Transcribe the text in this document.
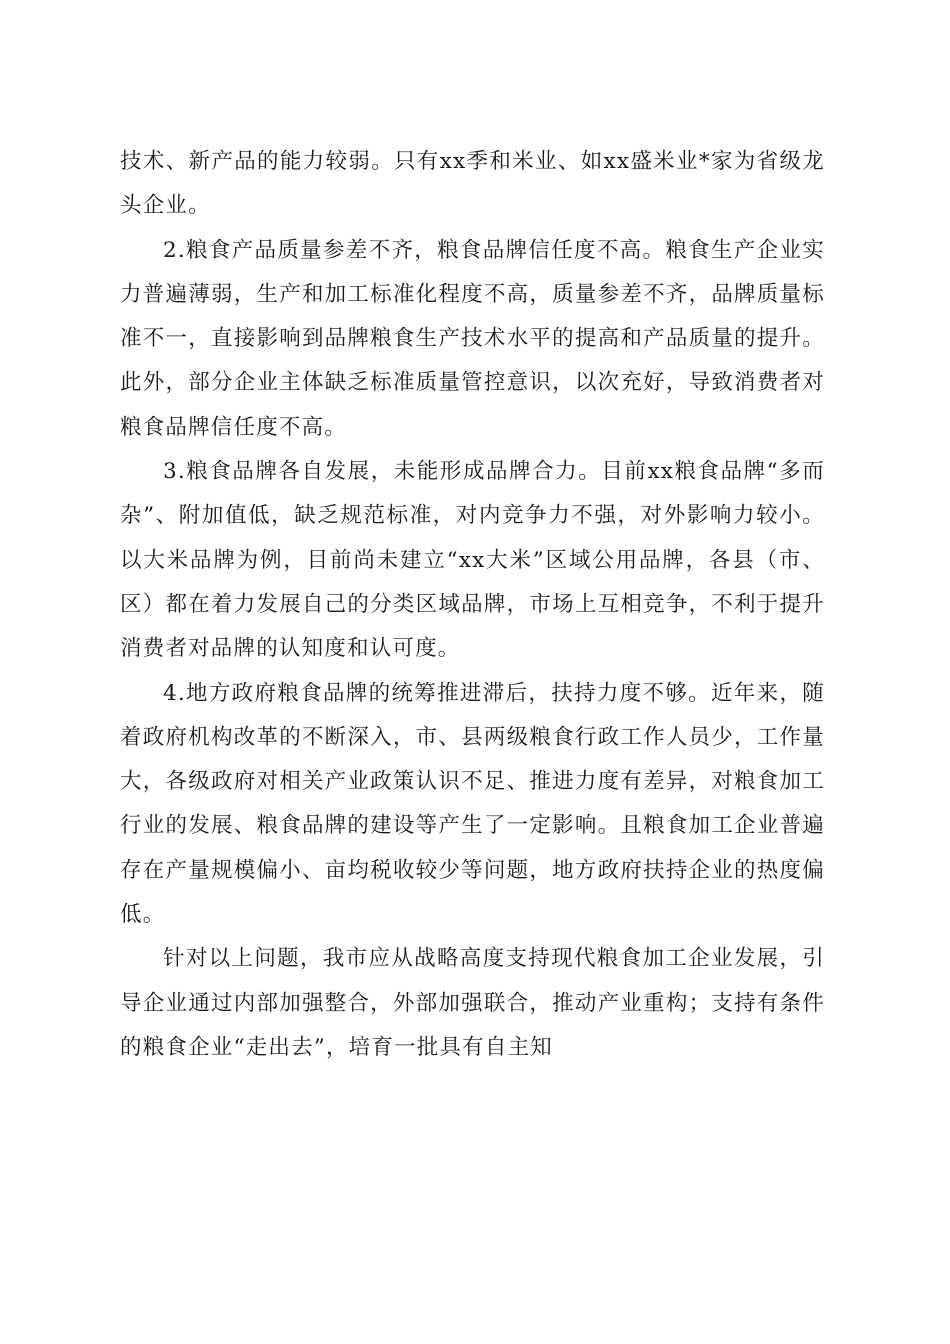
技术、新产品的能力较弱。只有xx季和米业、如xx盛米业*家为省级龙头企业。

2.粮食产品质量参差不齐，粮食品牌信任度不高。粮食生产企业实力普遍薄弱，生产和加工标准化程度不高，质量参差不齐，品牌质量标准不一，直接影响到品牌粮食生产技术水平的提高和产品质量的提升。此外，部分企业主体缺乏标准质量管控意识，以次充好，导致消费者对粮食品牌信任度不高。

3.粮食品牌各自发展，未能形成品牌合力。目前xx粮食品牌“多而杂”、附加值低，缺乏规范标准，对内竞争力不强，对外影响力较小。以大米品牌为例，目前尚未建立“xx大米”区域公用品牌，各县（市、区）都在着力发展自己的分类区域品牌，市场上互相竞争，不利于提升消费者对品牌的认知度和认可度。

4.地方政府粮食品牌的统筹推进滞后，扶持力度不够。近年来，随着政府机构改革的不断深入，市、县两级粮食行政工作人员少，工作量大，各级政府对相关产业政策认识不足、推进力度有差异，对粮食加工行业的发展、粮食品牌的建设等产生了一定影响。且粮食加工企业普遍存在产量规模偏小、亩均税收较少等问题，地方政府扶持企业的热度偏低。

针对以上问题，我市应从战略高度支持现代粮食加工企业发展，引导企业通过内部加强整合，外部加强联合，推动产业重构；支持有条件的粮食企业“走出去”，培育一批具有自主知
